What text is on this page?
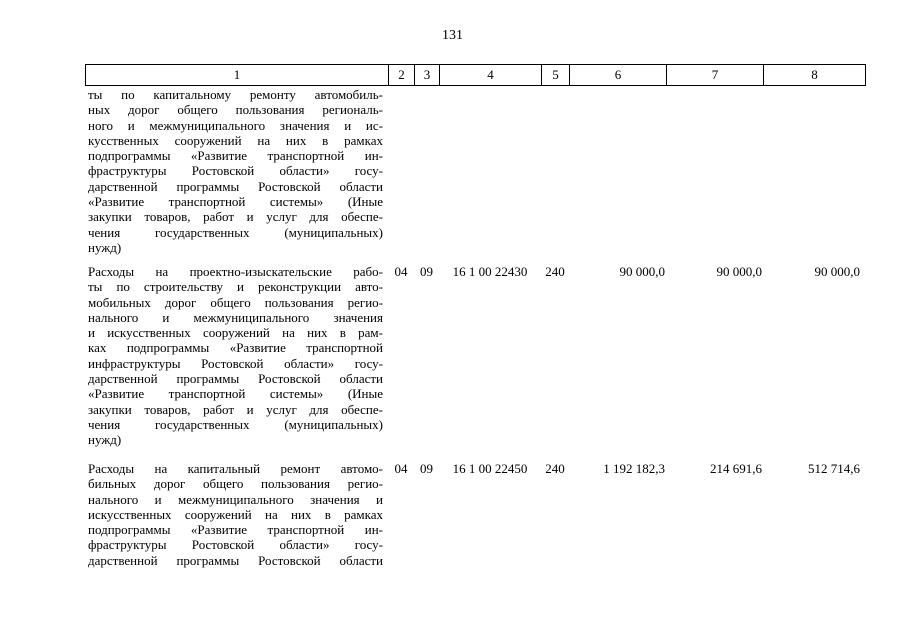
131
1	2	3	4	5	6	7	8
ты по капитальному ремонту автомобиль-
ных дорог общего пользования региональ-
ного и межмуниципального значения и ис-
кусственных сооружений на них в рамках
подпрограммы «Развитие транспортной ин-
фраструктуры Ростовской области» госу-
дарственной программы Ростовской области
«Развитие транспортной системы» (Иные
закупки товаров, работ и услуг для обеспе-
чения государственных (муниципальных)
нужд)
Расходы на проектно-изыскательские рабо-
ты по строительству и реконструкции авто-
мобильных дорог общего пользования регио-
нального и межмуниципального значения
и искусственных сооружений на них в рам-
ках подпрограммы «Развитие транспортной
инфраструктуры Ростовской области» госу-
дарственной программы Ростовской области
«Развитие транспортной системы» (Иные
закупки товаров, работ и услуг для обеспе-
чения государственных (муниципальных)
нужд)
04 09	16 1 00 22430	240	90 000,0	90 000,0	90 000,0
Расходы на капитальный ремонт автомо-
бильных дорог общего пользования регио-
нального и межмуниципального значения и
искусственных сооружений на них в рамках
подпрограммы «Развитие транспортной ин-
фраструктуры Ростовской области» госу-
дарственной программы Ростовской области
04 09	16 1 00 22450	240	1 192 182,3	214 691,6	512 714,6
